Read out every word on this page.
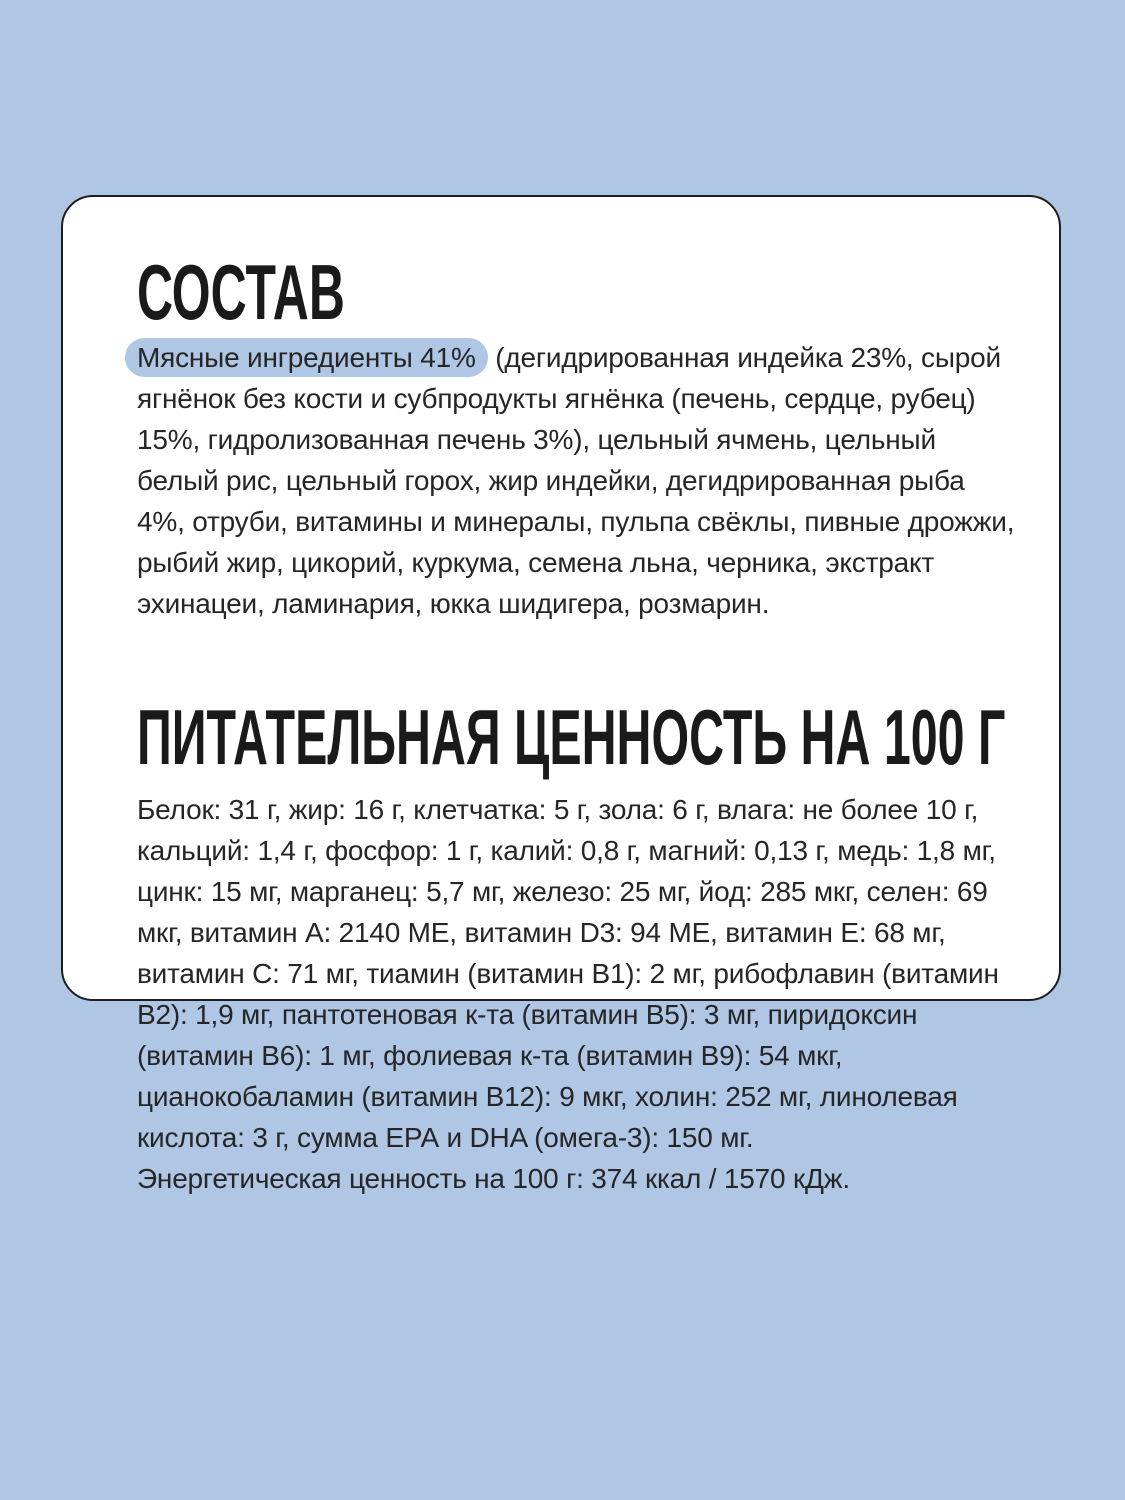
СОСТАВ

Мясные ингредиенты 41% (дегидрированная индейка 23%, сырой ягнёнок без кости и субпродукты ягнёнка (печень, сердце, рубец) 15%, гидролизованная печень 3%), цельный ячмень, цельный белый рис, цельный горох, жир индейки, дегидрированная рыба 4%, отруби, витамины и минералы, пульпа свёклы, пивные дрожжи, рыбий жир, цикорий, куркума, семена льна, черника, экстракт эхинацеи, ламинария, юкка шидигера, розмарин.

ПИТАТЕЛЬНАЯ ЦЕННОСТЬ НА 100 Г

Белок: 31 г, жир: 16 г, клетчатка: 5 г, зола: 6 г, влага: не более 10 г, кальций: 1,4 г, фосфор: 1 г, калий: 0,8 г, магний: 0,13 г, медь: 1,8 мг, цинк: 15 мг, марганец: 5,7 мг, железо: 25 мг, йод: 285 мкг, селен: 69 мкг, витамин А: 2140 МЕ, витамин D3: 94 МЕ, витамин Е: 68 мг, витамин С: 71 мг, тиамин (витамин В1): 2 мг, рибофлавин (витамин В2): 1,9 мг, пантотеновая к-та (витамин В5): 3 мг, пиридоксин (витамин В6): 1 мг, фолиевая к-та (витамин В9): 54 мкг, цианокобаламин (витамин В12): 9 мкг, холин: 252 мг, линолевая кислота: 3 г, сумма ЕРА и DHA (омега-3): 150 мг.
Энергетическая ценность на 100 г: 374 ккал / 1570 кДж.
